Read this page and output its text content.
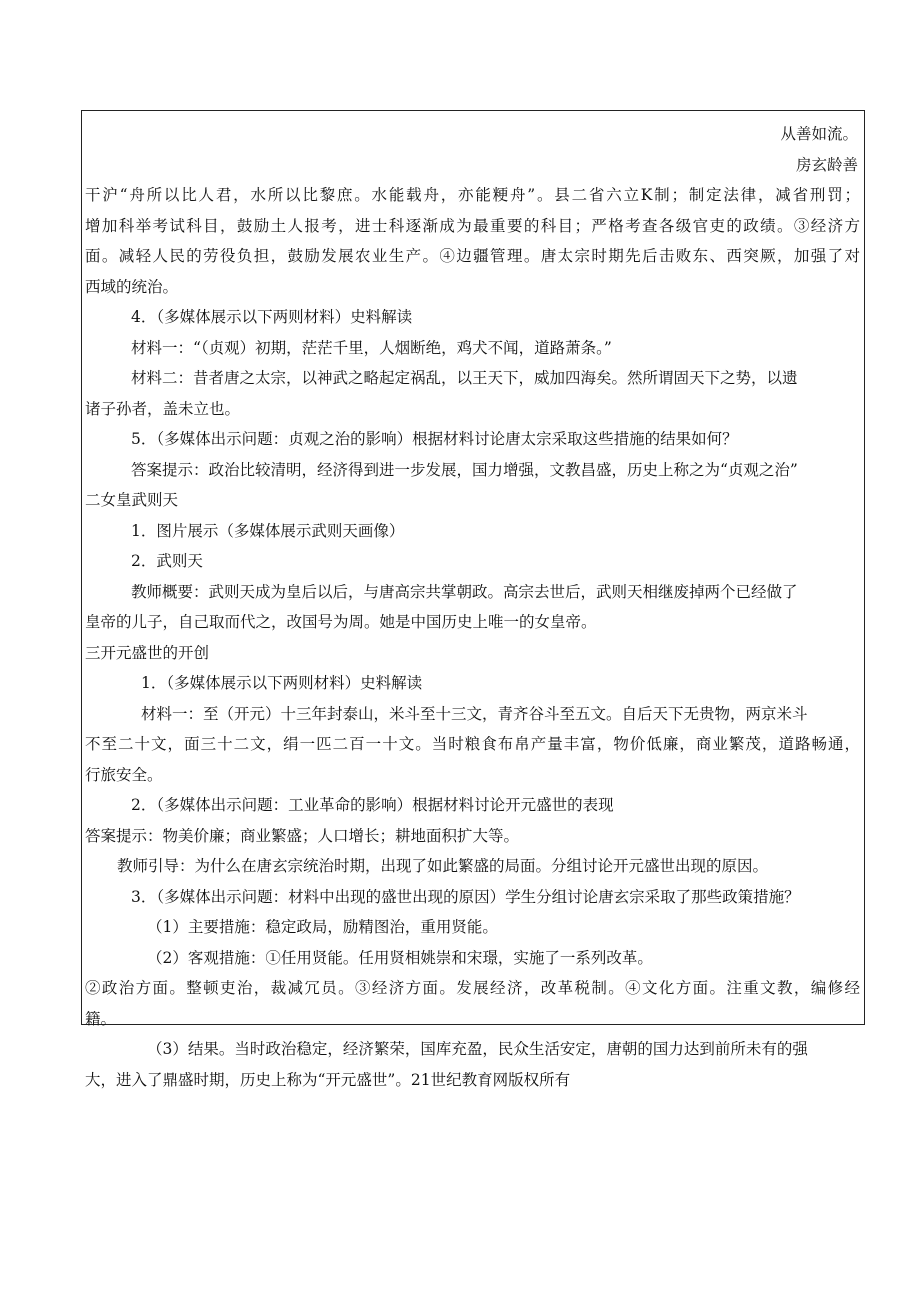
从善如流。

房玄龄善

干沪“舟所以比人君，水所以比黎庶。水能载舟，亦能粳舟”。县二省六立K制；制定法律，减省刑罚；

增加科举考试科目，鼓励土人报考，进士科逐渐成为最重要的科目；严格考查各级官吏的政绩。③经济方

面。减轻人民的劳役负担，鼓励发展农业生产。④边疆管理。唐太宗时期先后击败东、西突厥，加强了对

西域的统治。

4．（多媒体展示以下两则材料）史料解读

材料一：“（贞观）初期，茫茫千里，人烟断绝，鸡犬不闻，道路萧条。”

材料二：昔者唐之太宗，以神武之略起定祸乱，以王天下，威加四海矣。然所谓固天下之势，以遗

诸子孙者，盖未立也。

5．（多媒体出示问题：贞观之治的影响）根据材料讨论唐太宗采取这些措施的结果如何？

答案提示：政治比较清明，经济得到进一步发展，国力增强，文教昌盛，历史上称之为“贞观之治”

二女皇武则天

1．图片展示（多媒体展示武则天画像）

2．武则天

教师概要：武则天成为皇后以后，与唐高宗共掌朝政。高宗去世后，武则天相继废掉两个已经做了

皇帝的儿子，自己取而代之，改国号为周。她是中国历史上唯一的女皇帝。

三开元盛世的开创

1．（多媒体展示以下两则材料）史料解读

材料一：至（开元）十三年封泰山，米斗至十三文，青齐谷斗至五文。自后天下无贵物，两京米斗

不至二十文，面三十二文，绢一匹二百一十文。当时粮食布帛产量丰富，物价低廉，商业繁茂，道路畅通，

行旅安全。

2．（多媒体出示问题：工业革命的影响）根据材料讨论开元盛世的表现

答案提示：物美价廉；商业繁盛；人口增长；耕地面积扩大等。

教师引导：为什么在唐玄宗统治时期，出现了如此繁盛的局面。分组讨论开元盛世出现的原因。

3．（多媒体出示问题：材料中出现的盛世出现的原因）学生分组讨论唐玄宗采取了那些政策措施？

（1）主要措施：稳定政局，励精图治，重用贤能。

（2）客观措施：①任用贤能。任用贤相姚崇和宋璟，实施了一系列改革。

②政治方面。整顿吏治，裁减冗员。③经济方面。发展经济，改革税制。④文化方面。注重文教，编修经

籍。

（3）结果。当时政治稳定，经济繁荣，国库充盈，民众生活安定，唐朝的国力达到前所未有的强

大，进入了鼎盛时期，历史上称为“开元盛世”。21世纪教育网版权所有
